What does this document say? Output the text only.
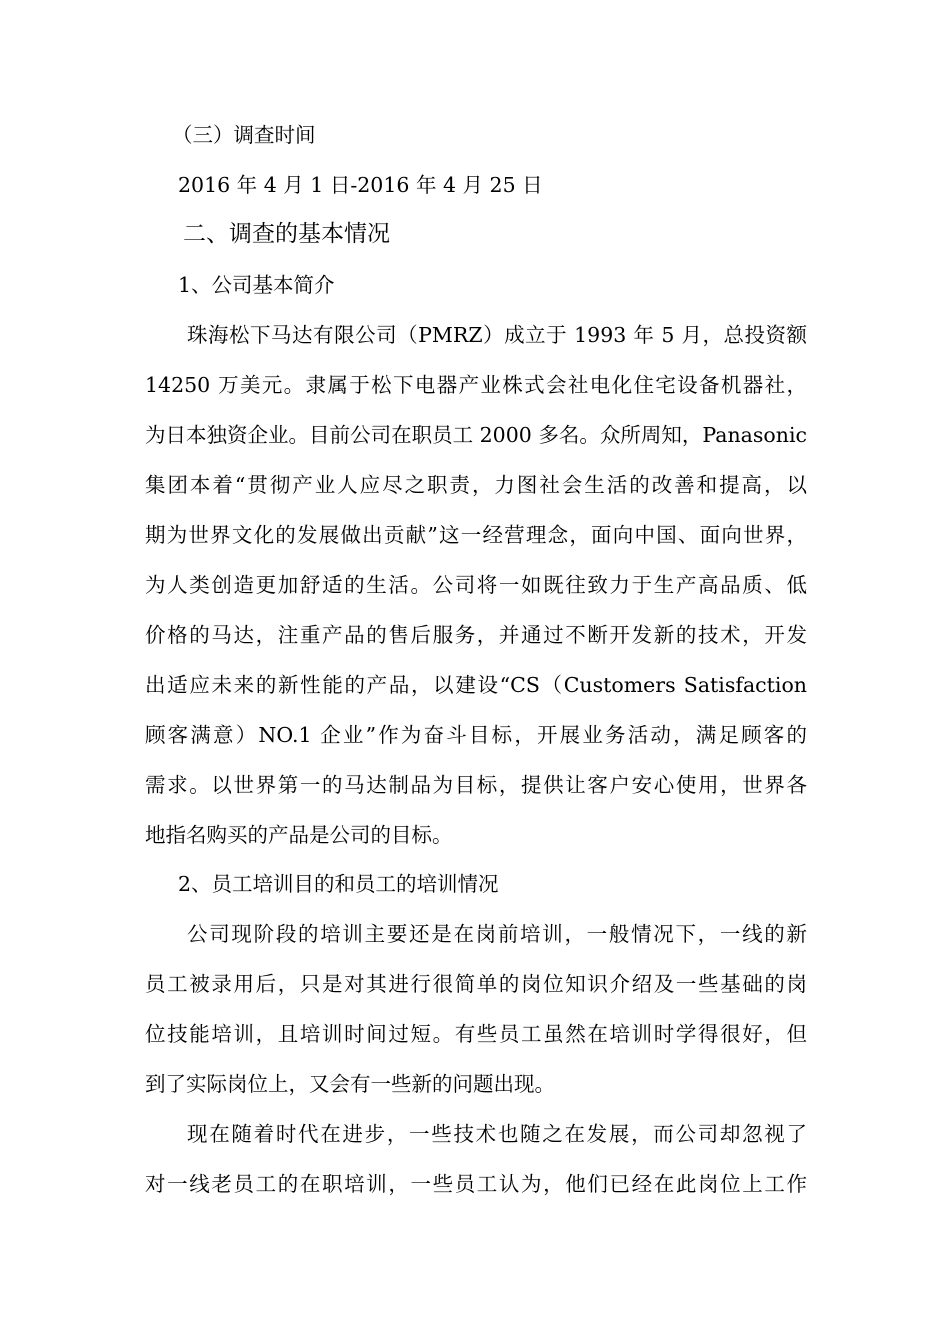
（三）调查时间
2016 年 4 月 1 日-2016 年 4 月 25 日
二、调查的基本情况
1、公司基本简介
珠海松下马达有限公司（PMRZ）成立于 1993 年 5 月，总投资额
14250 万美元。隶属于松下电器产业株式会社电化住宅设备机器社，
为日本独资企业。目前公司在职员工 2000 多名。众所周知，Panasonic
集团本着“贯彻产业人应尽之职责，力图社会生活的改善和提高，以
期为世界文化的发展做出贡献”这一经营理念，面向中国、面向世界，
为人类创造更加舒适的生活。公司将一如既往致力于生产高品质、低
价格的马达，注重产品的售后服务，并通过不断开发新的技术，开发
出适应未来的新性能的产品，以建设“CS（Customers Satisfaction
顾客满意）NO.1 企业”作为奋斗目标，开展业务活动，满足顾客的
需求。以世界第一的马达制品为目标，提供让客户安心使用，世界各
地指名购买的产品是公司的目标。
2、员工培训目的和员工的培训情况
公司现阶段的培训主要还是在岗前培训，一般情况下，一线的新
员工被录用后，只是对其进行很简单的岗位知识介绍及一些基础的岗
位技能培训，且培训时间过短。有些员工虽然在培训时学得很好，但
到了实际岗位上，又会有一些新的问题出现。
现在随着时代在进步，一些技术也随之在发展，而公司却忽视了
对一线老员工的在职培训，一些员工认为，他们已经在此岗位上工作
